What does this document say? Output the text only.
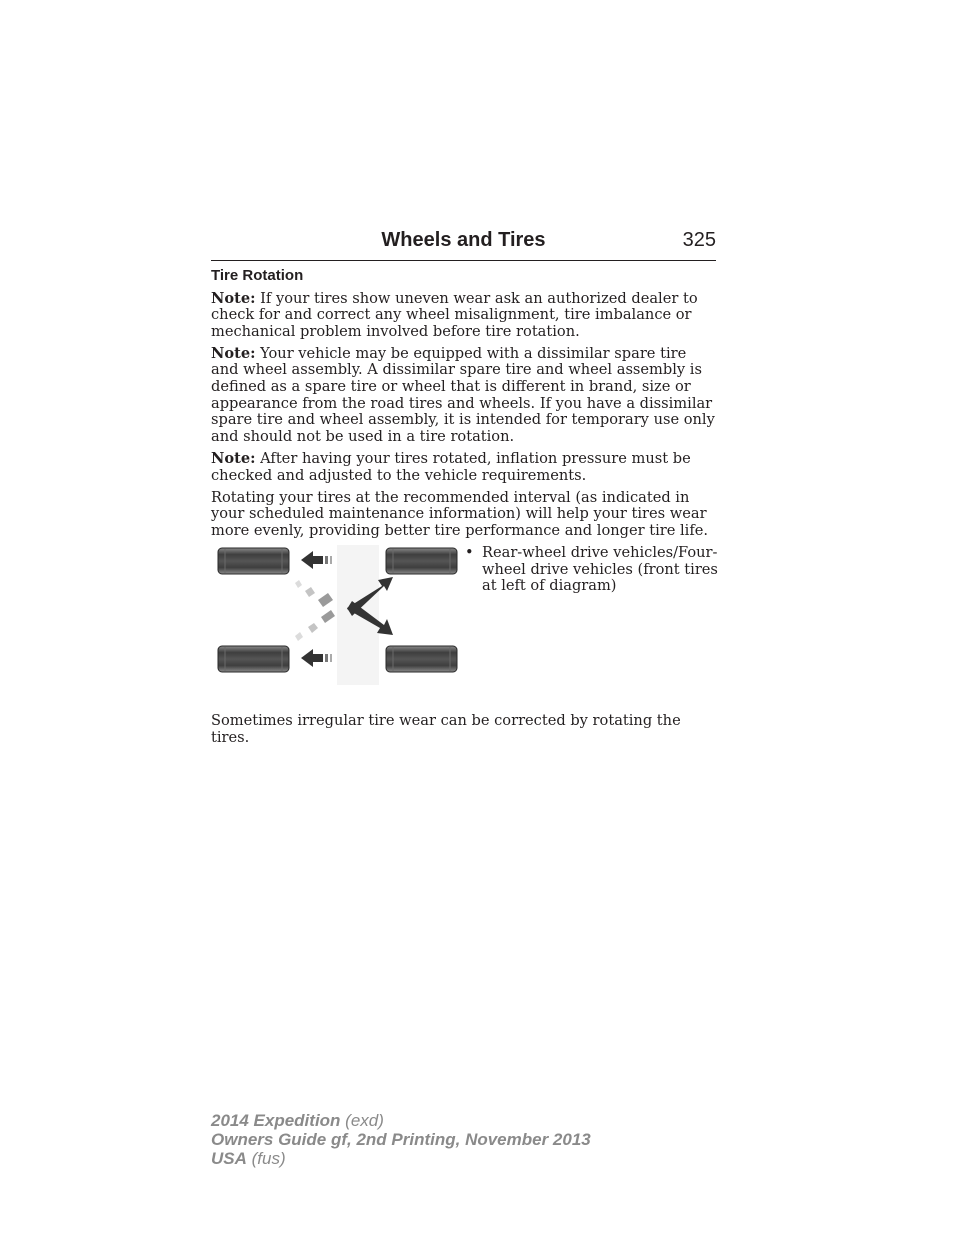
Wheels and Tires	325
Tire Rotation

Note: If your tires show uneven wear ask an authorized dealer to check for and correct any wheel misalignment, tire imbalance or mechanical problem involved before tire rotation.

Note: Your vehicle may be equipped with a dissimilar spare tire and wheel assembly. A dissimilar spare tire and wheel assembly is defined as a spare tire or wheel that is different in brand, size or appearance from the road tires and wheels. If you have a dissimilar spare tire and wheel assembly, it is intended for temporary use only and should not be used in a tire rotation.

Note: After having your tires rotated, inflation pressure must be checked and adjusted to the vehicle requirements.

Rotating your tires at the recommended interval (as indicated in your scheduled maintenance information) will help your tires wear more evenly, providing better tire performance and longer tire life.

• Rear-wheel drive vehicles/Four-wheel drive vehicles (front tires at left of diagram)
Sometimes irregular tire wear can be corrected by rotating the tires.
2014 Expedition (exd)
Owners Guide gf, 2nd Printing, November 2013
USA (fus)
